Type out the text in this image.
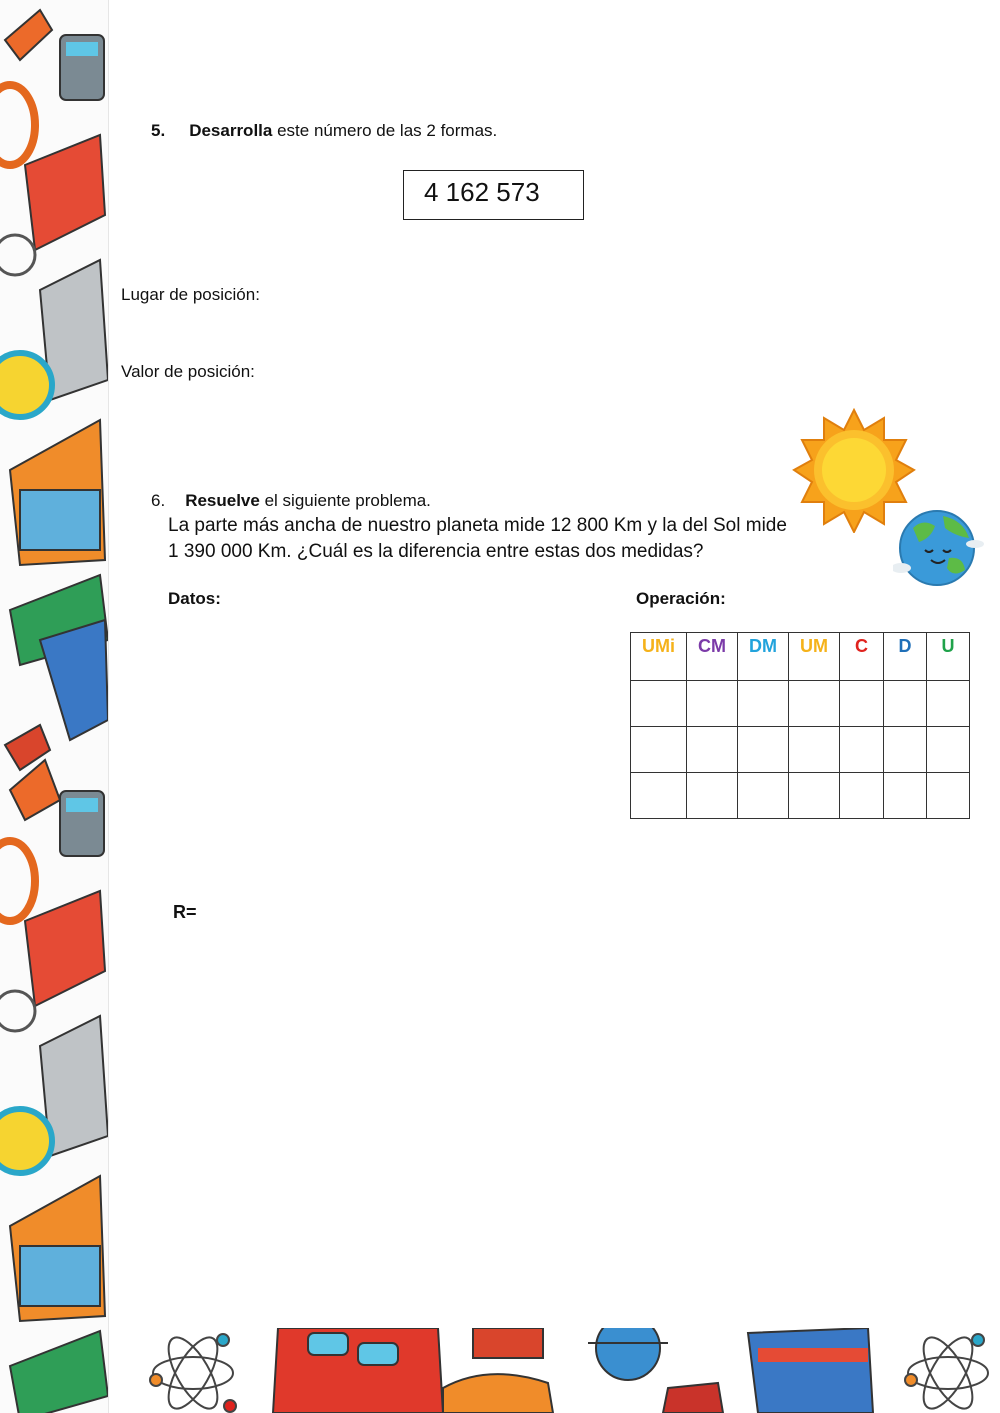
5. Desarrolla este número de las 2 formas.
4 162 573
Lugar de posición:
Valor de posición:
6. Resuelve el siguiente problema.
La parte más ancha de nuestro planeta mide 12 800 Km y la del Sol mide
1 390 000 Km. ¿Cuál es la diferencia entre estas dos medidas?
Datos:	Operación:
UMi	CM	DM	UM	C	D	U

R=
